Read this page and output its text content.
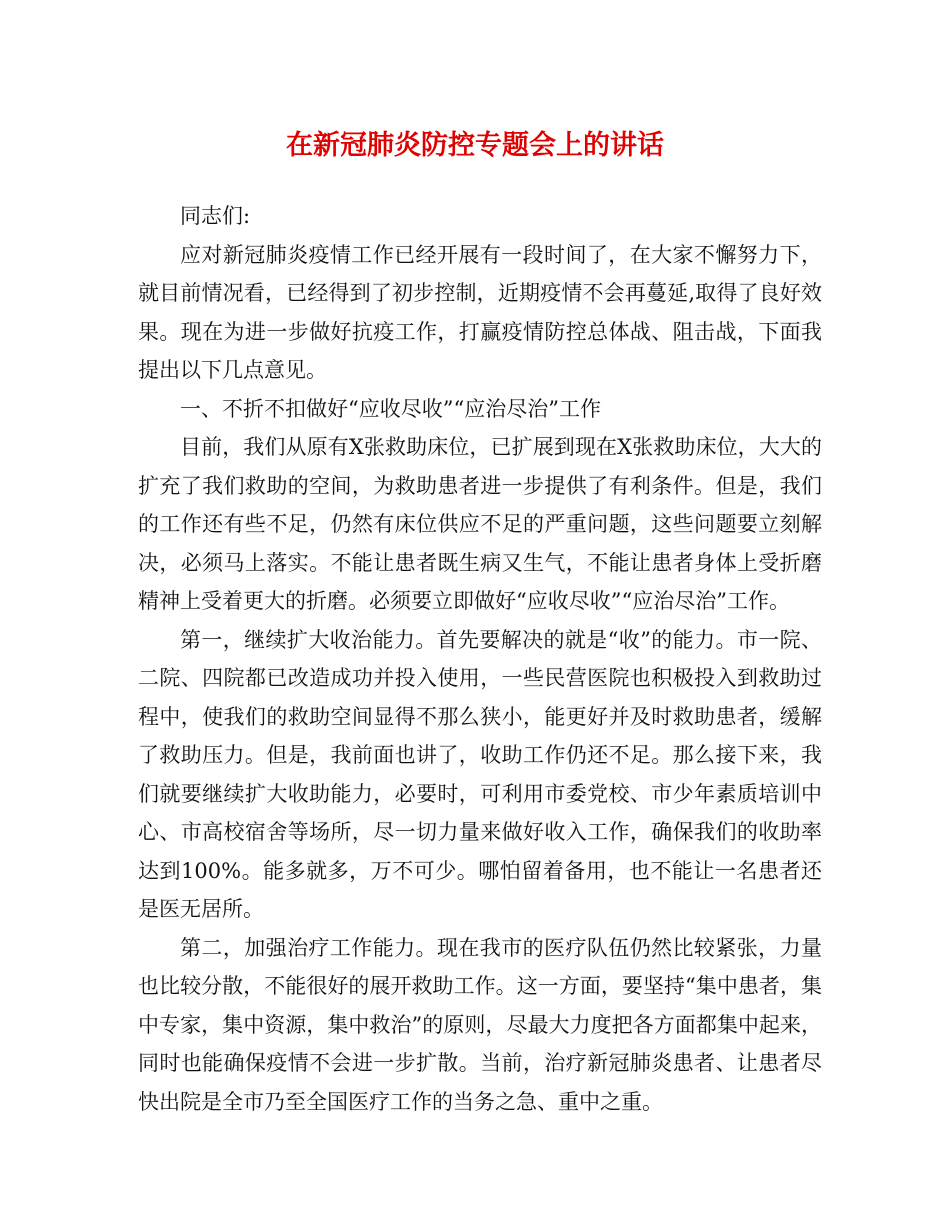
在新冠肺炎防控专题会上的讲话

同志们:

应对新冠肺炎疫情工作已经开展有一段时间了，在大家不懈努力下，就目前情况看，已经得到了初步控制，近期疫情不会再蔓延,取得了良好效果。现在为进一步做好抗疫工作，打赢疫情防控总体战、阻击战，下面我提出以下几点意见。

一、不折不扣做好“应收尽收”“应治尽治”工作

目前，我们从原有X张救助床位，已扩展到现在X张救助床位，大大的扩充了我们救助的空间，为救助患者进一步提供了有利条件。但是，我们的工作还有些不足，仍然有床位供应不足的严重问题，这些问题要立刻解决，必须马上落实。不能让患者既生病又生气，不能让患者身体上受折磨精神上受着更大的折磨。必须要立即做好“应收尽收”“应治尽治”工作。

第一，继续扩大收治能力。首先要解决的就是“收”的能力。市一院、二院、四院都已改造成功并投入使用，一些民营医院也积极投入到救助过程中，使我们的救助空间显得不那么狭小，能更好并及时救助患者，缓解了救助压力。但是，我前面也讲了，收助工作仍还不足。那么接下来，我们就要继续扩大收助能力，必要时，可利用市委党校、市少年素质培训中心、市高校宿舍等场所，尽一切力量来做好收入工作，确保我们的收助率达到100%。能多就多，万不可少。哪怕留着备用，也不能让一名患者还是医无居所。

第二，加强治疗工作能力。现在我市的医疗队伍仍然比较紧张，力量也比较分散，不能很好的展开救助工作。这一方面，要坚持“集中患者，集中专家，集中资源，集中救治”的原则，尽最大力度把各方面都集中起来，同时也能确保疫情不会进一步扩散。当前，治疗新冠肺炎患者、让患者尽快出院是全市乃至全国医疗工作的当务之急、重中之重。
